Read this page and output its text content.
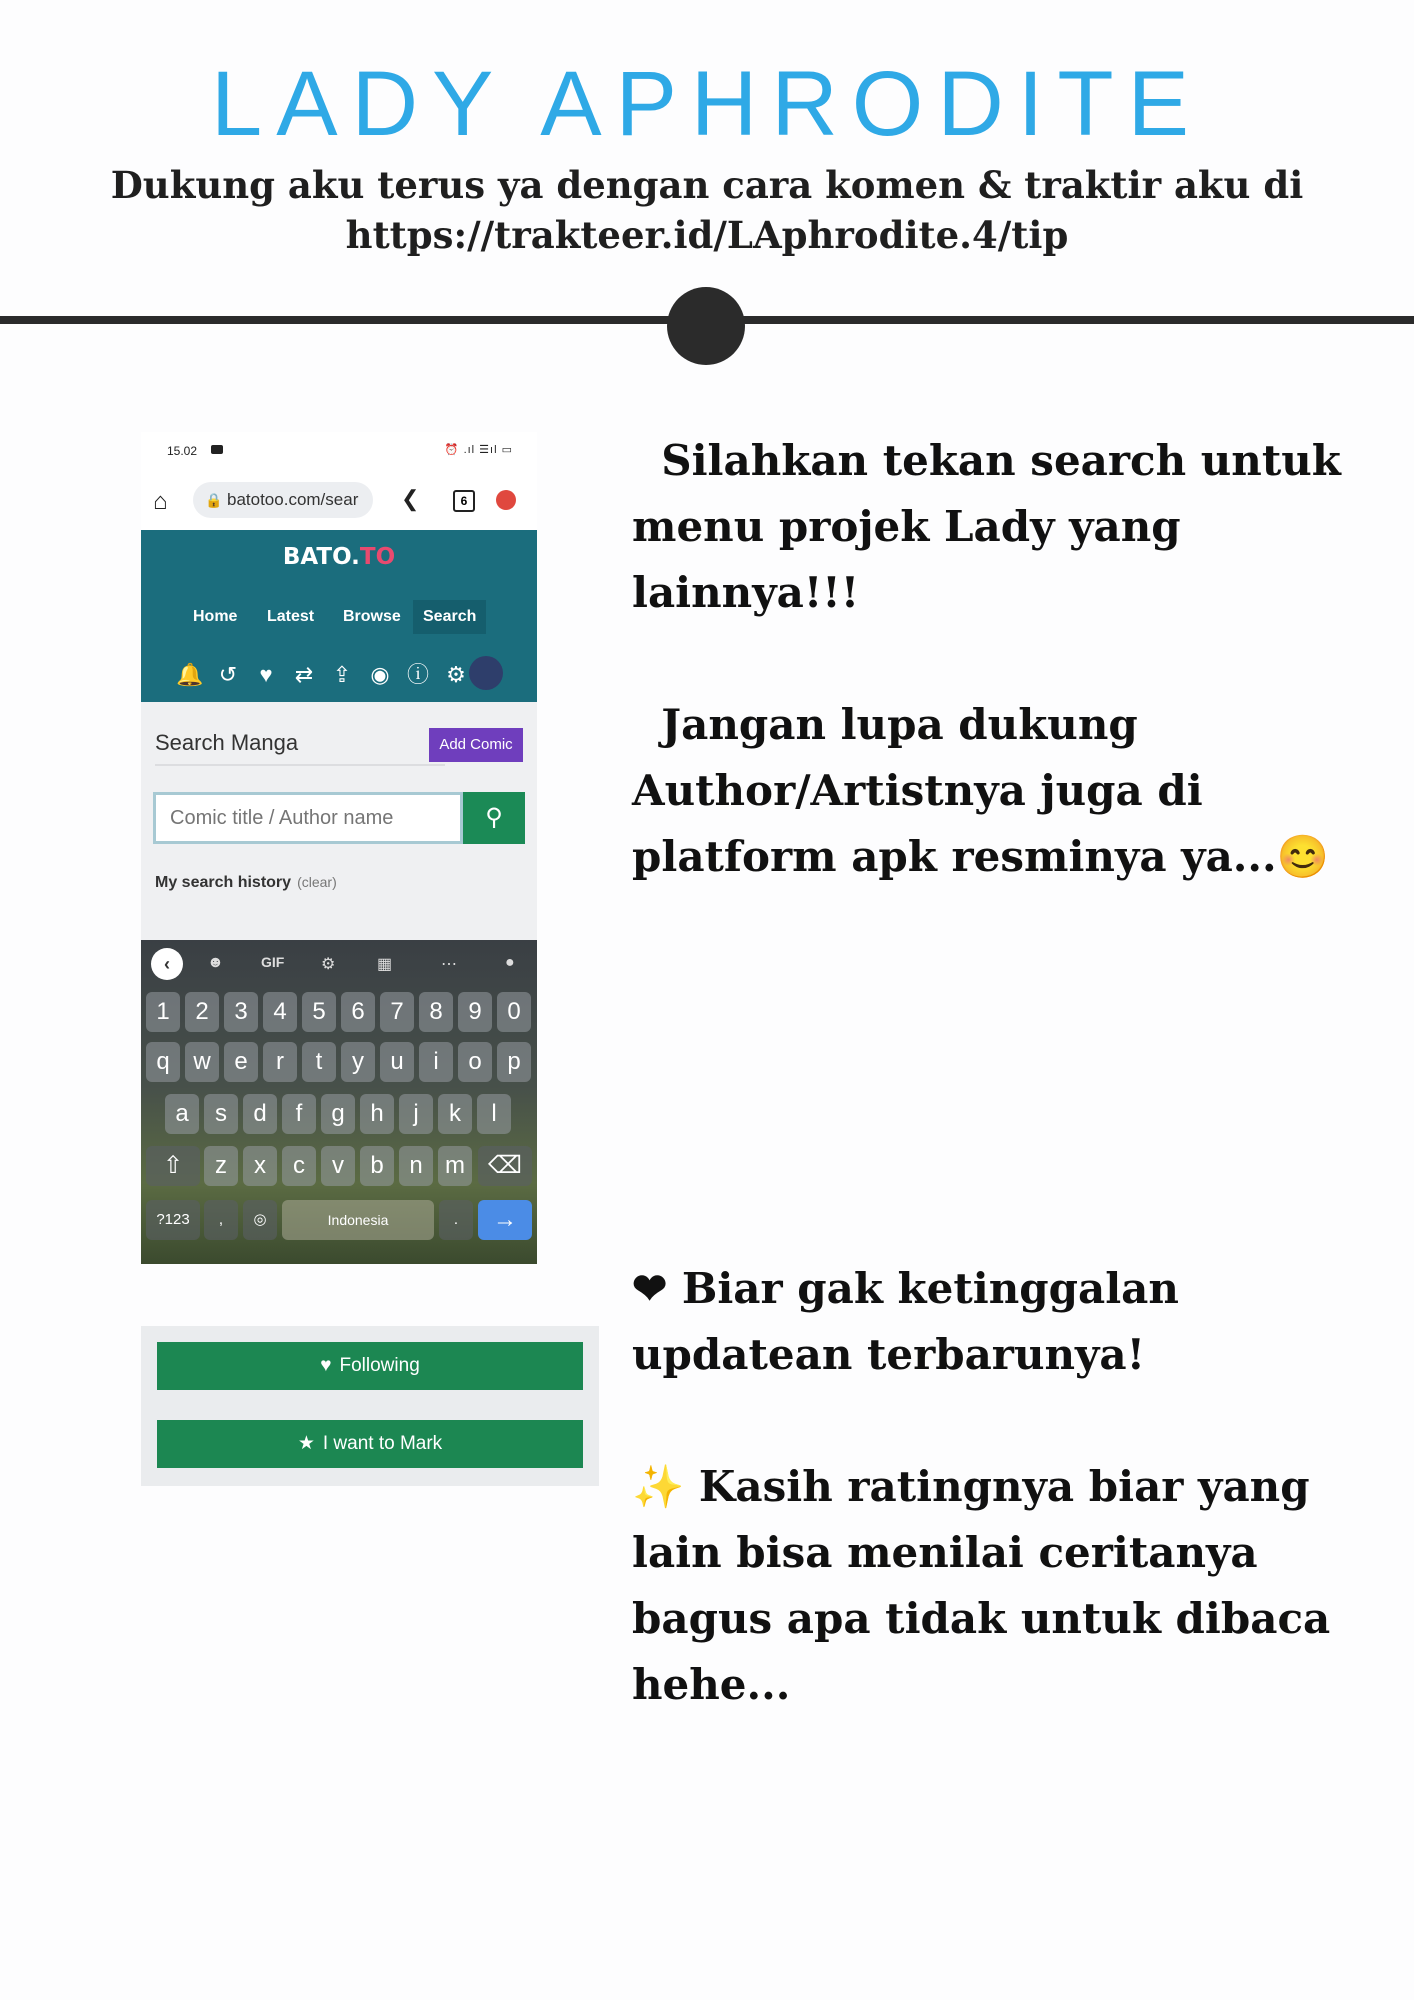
LADY APHRODITE
Dukung aku terus ya dengan cara komen & traktir aku di
https://trakteer.id/LAphrodite.4/tip
15.02	⏰ .ıl ☰ıl ▭
⌂	🔒 batotoo.com/sear	❮	6
BATO.TO
Home Latest Browse	Search
🔔 ↺ ♥ ⇄ ⇪ ◉ ⓘ ⚙
Search Manga	Add Comic
Comic title / Author name
⚲
My search history (clear)
‹	☻	GIF ⚙	▦	⋯	●
1	2	3	4	5	6	7	8	9	0
q w e	r	t	y	u	i	o	p
a	s	d	f	g	h	j	k	l
⇧	z	x	c	v	b	n m ⌫
?123	,	◎	Indonesia	.	→
♥ Following
★ I want to Mark
Silahkan tekan search untuk
menu projek Lady yang
lainnya!!!
Jangan lupa dukung
Author/Artistnya juga di
platform apk resminya ya...😊
❤ Biar gak ketinggalan
updatean terbarunya!
✨ Kasih ratingnya biar yang
lain bisa menilai ceritanya
bagus apa tidak untuk dibaca
hehe...
